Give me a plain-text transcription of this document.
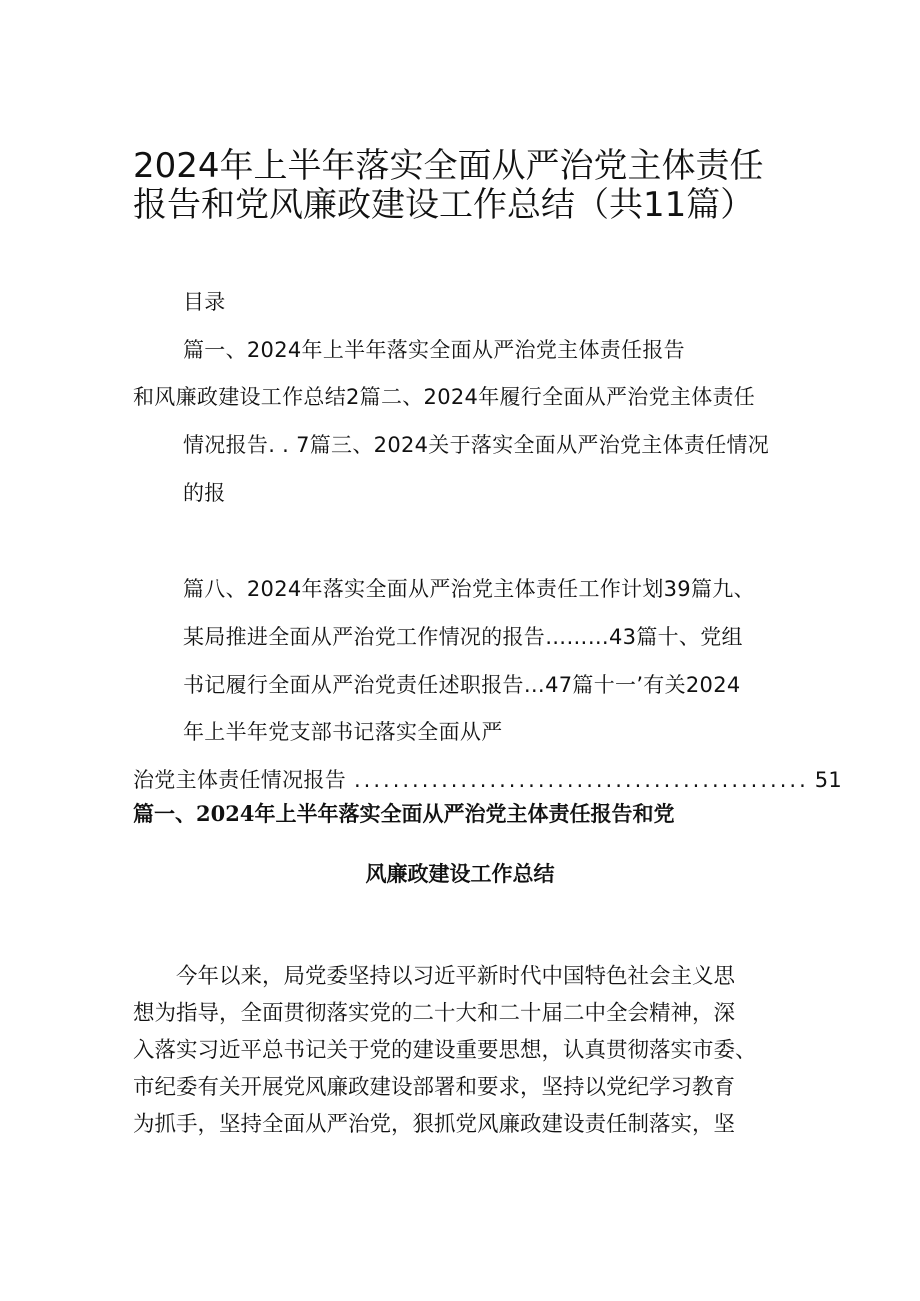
2024年上半年落实全面从严治党主体责任
报告和党风廉政建设工作总结（共11篇）
目录
篇一、2024年上半年落实全面从严治党主体责任报告
和风廉政建设工作总结2篇二、2024年履行全面从严治党主体责任
情况报告. . 7篇三、2024关于落实全面从严治党主体责任情况
的报
篇八、2024年落实全面从严治党主体责任工作计划39篇九、
某局推进全面从严治党工作情况的报告………43篇十、党组
书记履行全面从严治党责任述职报告…47篇十一’有关2024
年上半年党支部书记落实全面从严
治党主体责任情况报告 ............................................... 51
篇一、2024年上半年落实全面从严治党主体责任报告和党
风廉政建设工作总结
　　今年以来，局党委坚持以习近平新时代中国特色社会主义思
想为指导，全面贯彻落实党的二十大和二十届二中全会精神，深
入落实习近平总书记关于党的建设重要思想，认真贯彻落实市委、
市纪委有关开展党风廉政建设部署和要求，坚持以党纪学习教育
为抓手，坚持全面从严治党，狠抓党风廉政建设责任制落实，坚
